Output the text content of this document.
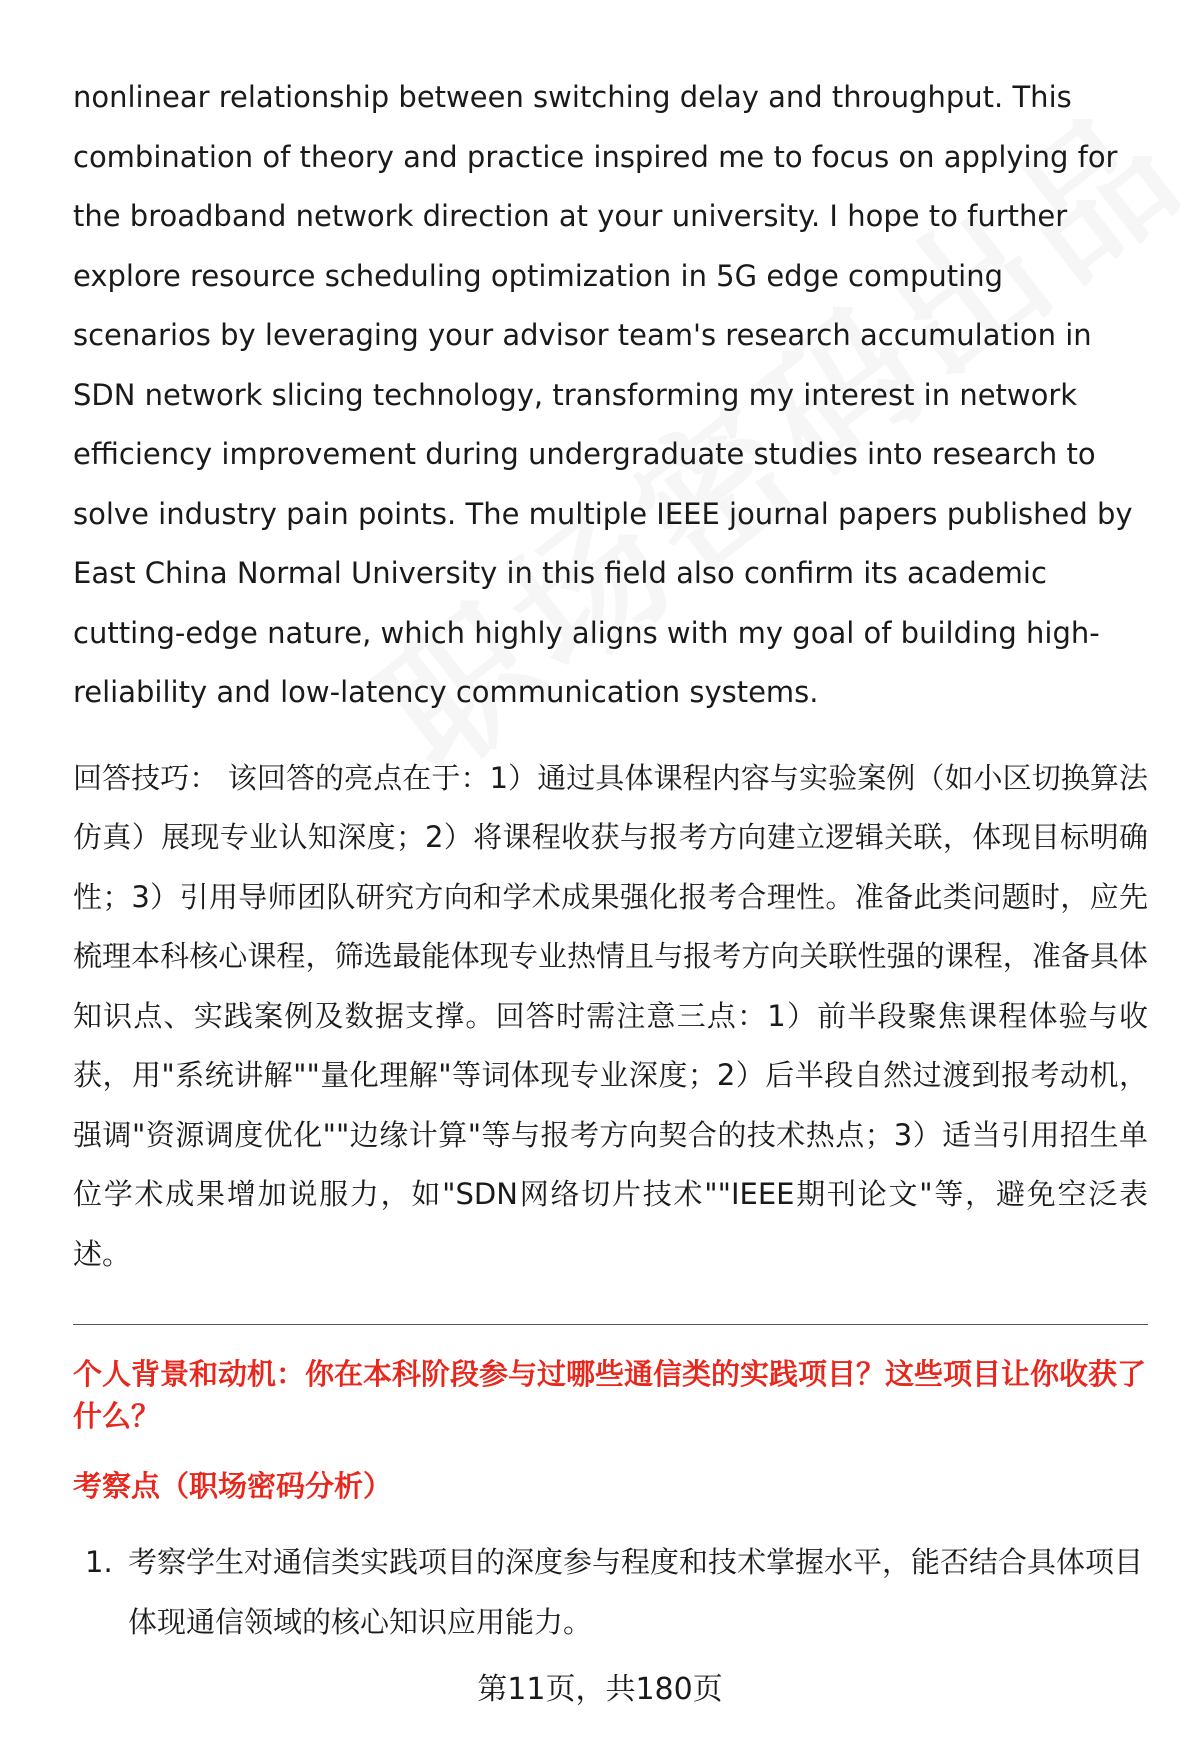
nonlinear relationship between switching delay and throughput. This combination of theory and practice inspired me to focus on applying for the broadband network direction at your university. I hope to further explore resource scheduling optimization in 5G edge computing scenarios by leveraging your advisor team's research accumulation in SDN network slicing technology, transforming my interest in network efficiency improvement during undergraduate studies into research to solve industry pain points. The multiple IEEE journal papers published by East China Normal University in this field also confirm its academic cutting-edge nature, which highly aligns with my goal of building high-reliability and low-latency communication systems.

回答技巧： 该回答的亮点在于：1）通过具体课程内容与实验案例（如小区切换算法仿真）展现专业认知深度；2）将课程收获与报考方向建立逻辑关联，体现目标明确性；3）引用导师团队研究方向和学术成果强化报考合理性。准备此类问题时，应先梳理本科核心课程，筛选最能体现专业热情且与报考方向关联性强的课程，准备具体知识点、实践案例及数据支撑。回答时需注意三点：1）前半段聚焦课程体验与收获，用"系统讲解""量化理解"等词体现专业深度；2）后半段自然过渡到报考动机，强调"资源调度优化""边缘计算"等与报考方向契合的技术热点；3）适当引用招生单位学术成果增加说服力，如"SDN网络切片技术""IEEE期刊论文"等，避免空泛表述。

个人背景和动机：你在本科阶段参与过哪些通信类的实践项目？这些项目让你收获了什么？
考察点（职场密码分析）
1. 考察学生对通信类实践项目的深度参与程度和技术掌握水平，能否结合具体项目体现通信领域的核心知识应用能力。
第11页，共180页
